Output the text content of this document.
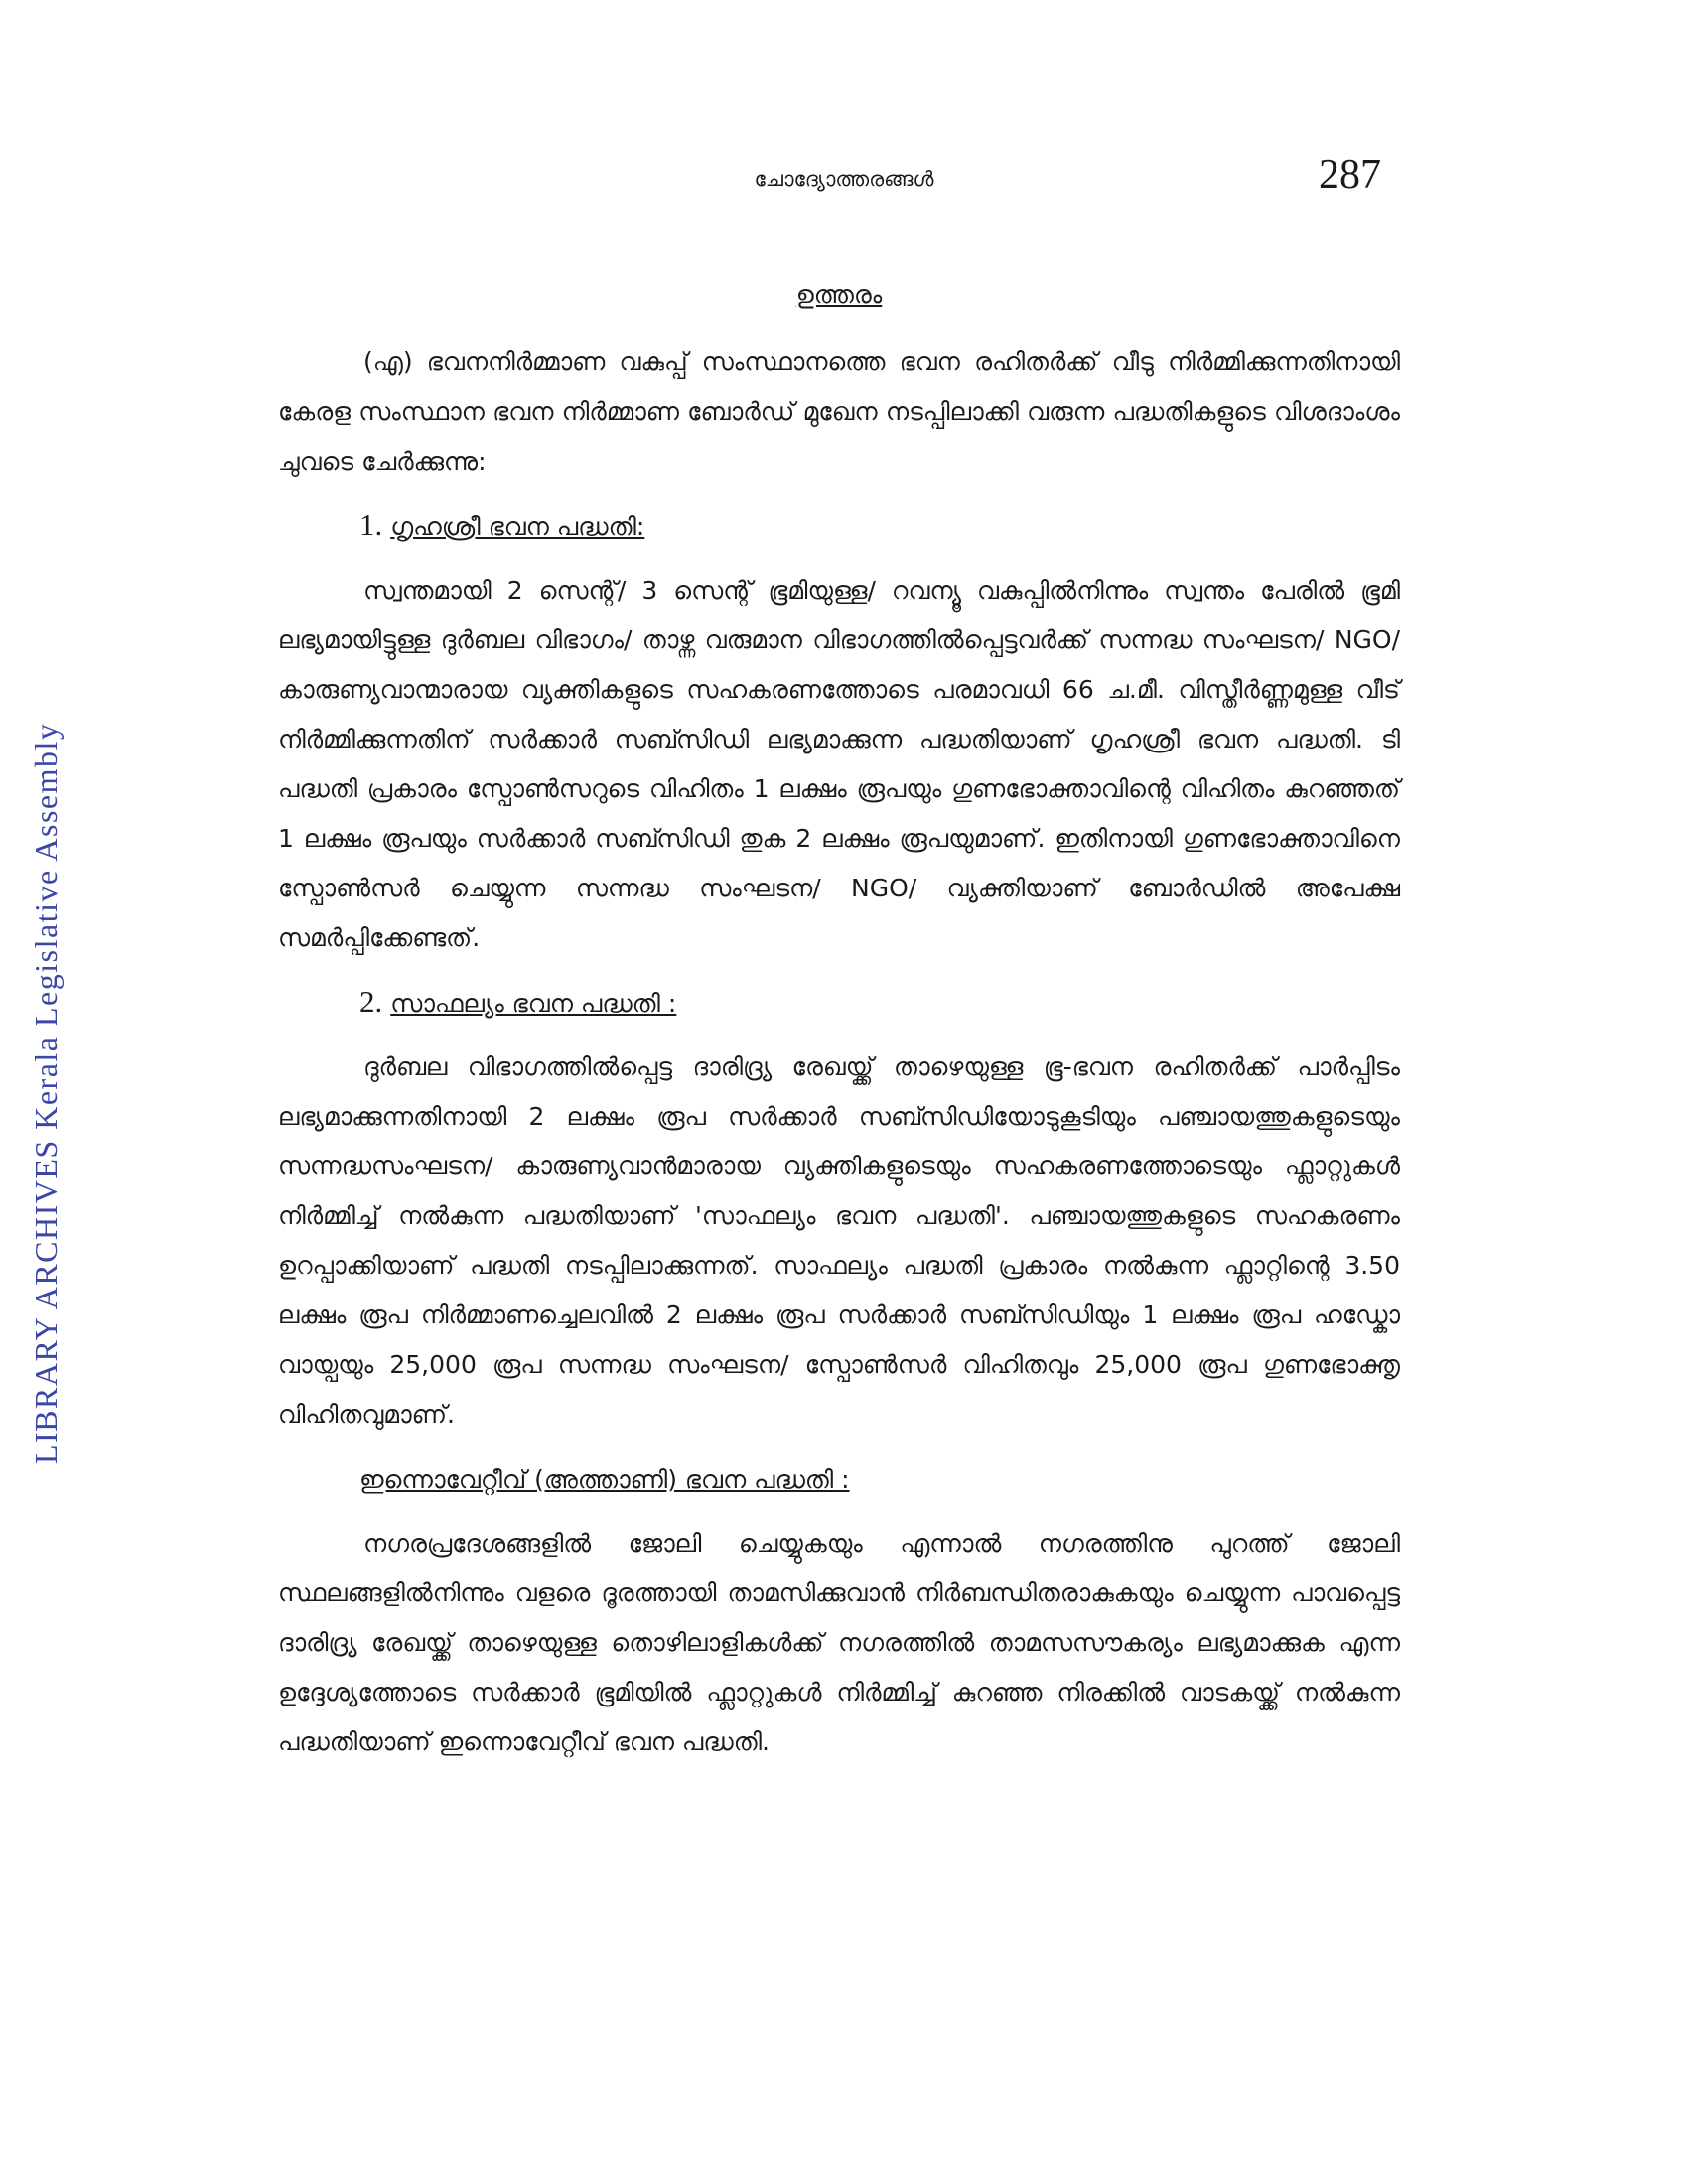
ചോദ്യോത്തരങ്ങൾ	287
LIBRARY ARCHIVES Kerala Legislative Assembly
ഉത്തരം

(എ) ഭവനനിർമ്മാണ വകുപ്പ് സംസ്ഥാനത്തെ ഭവന രഹിതർക്ക് വീടു നിർമ്മിക്കുന്നതിനായി കേരള സംസ്ഥാന ഭവന നിർമ്മാണ ബോർഡ് മുഖേന നടപ്പിലാക്കി വരുന്ന പദ്ധതികളുടെ വിശദാംശം ചുവടെ ചേർക്കുന്നു:

1. ഗൃഹശ്രീ ഭവന പദ്ധതി:

സ്വന്തമായി 2 സെന്റ്/ 3 സെന്റ് ഭൂമിയുള്ള/ റവന്യൂ വകുപ്പിൽനിന്നും സ്വന്തം പേരിൽ ഭൂമി ലഭ്യമായിട്ടുള്ള ദുർബല വിഭാഗം/ താഴ്ന്ന വരുമാന വിഭാഗത്തിൽപ്പെട്ടവർക്ക് സന്നദ്ധ സംഘടന/ NGO/കാരുണ്യവാന്മാരായ വ്യക്തികളുടെ സഹകരണത്തോടെ പരമാവധി 66 ച.മീ. വിസ്തീർണ്ണമുള്ള വീട് നിർമ്മിക്കുന്നതിന് സർക്കാർ സബ്സിഡി ലഭ്യമാക്കുന്ന പദ്ധതിയാണ് ഗൃഹശ്രീ ഭവന പദ്ധതി. ടി പദ്ധതി പ്രകാരം സ്പോൺസറുടെ വിഹിതം 1 ലക്ഷം രൂപയും ഗുണഭോക്താവിന്റെ വിഹിതം കുറഞ്ഞത് 1 ലക്ഷം രൂപയും സർക്കാർ സബ്സിഡി തുക 2 ലക്ഷം രൂപയുമാണ്. ഇതിനായി ഗുണഭോക്താവിനെ സ്പോൺസർ ചെയ്യുന്ന സന്നദ്ധ സംഘടന/ NGO/ വ്യക്തിയാണ് ബോർഡിൽ അപേക്ഷ സമർപ്പിക്കേണ്ടത്.

2. സാഫല്യം ഭവന പദ്ധതി :

ദുർബല വിഭാഗത്തിൽപ്പെട്ട ദാരിദ്ര്യ രേഖയ്ക്ക് താഴെയുള്ള ഭൂ-ഭവന രഹിതർക്ക് പാർപ്പിടം ലഭ്യമാക്കുന്നതിനായി 2 ലക്ഷം രൂപ സർക്കാർ സബ്സിഡിയോടുകൂടിയും പഞ്ചായത്തുകളുടെയും സന്നദ്ധസംഘടന/ കാരുണ്യവാൻമാരായ വ്യക്തികളുടെയും സഹകരണത്തോടെയും ഫ്ലാറ്റുകൾ നിർമ്മിച്ച് നൽകുന്ന പദ്ധതിയാണ് 'സാഫല്യം ഭവന പദ്ധതി'. പഞ്ചായത്തുകളുടെ സഹകരണം ഉറപ്പാക്കിയാണ് പദ്ധതി നടപ്പിലാക്കുന്നത്. സാഫല്യം പദ്ധതി പ്രകാരം നൽകുന്ന ഫ്ലാറ്റിന്റെ 3.50 ലക്ഷം രൂപ നിർമ്മാണച്ചെലവിൽ 2 ലക്ഷം രൂപ സർക്കാർ സബ്സിഡിയും 1 ലക്ഷം രൂപ ഹഡ്കോ വായ്പയും 25,000 രൂപ സന്നദ്ധ സംഘടന/ സ്പോൺസർ വിഹിതവും 25,000 രൂപ ഗുണഭോക്തൃ വിഹിതവുമാണ്.

ഇന്നൊവേറ്റീവ് (അത്താണി) ഭവന പദ്ധതി :

നഗരപ്രദേശങ്ങളിൽ ജോലി ചെയ്യുകയും എന്നാൽ നഗരത്തിനു പുറത്ത് ജോലി സ്ഥലങ്ങളിൽനിന്നും വളരെ ദൂരത്തായി താമസിക്കുവാൻ നിർബന്ധിതരാകുകയും ചെയ്യുന്ന പാവപ്പെട്ട ദാരിദ്ര്യ രേഖയ്ക്ക് താഴെയുള്ള തൊഴിലാളികൾക്ക് നഗരത്തിൽ താമസസൗകര്യം ലഭ്യമാക്കുക എന്ന ഉദ്ദേശ്യത്തോടെ സർക്കാർ ഭൂമിയിൽ ഫ്ലാറ്റുകൾ നിർമ്മിച്ച് കുറഞ്ഞ നിരക്കിൽ വാടകയ്ക്ക് നൽകുന്ന പദ്ധതിയാണ് ഇന്നൊവേറ്റീവ് ഭവന പദ്ധതി.
